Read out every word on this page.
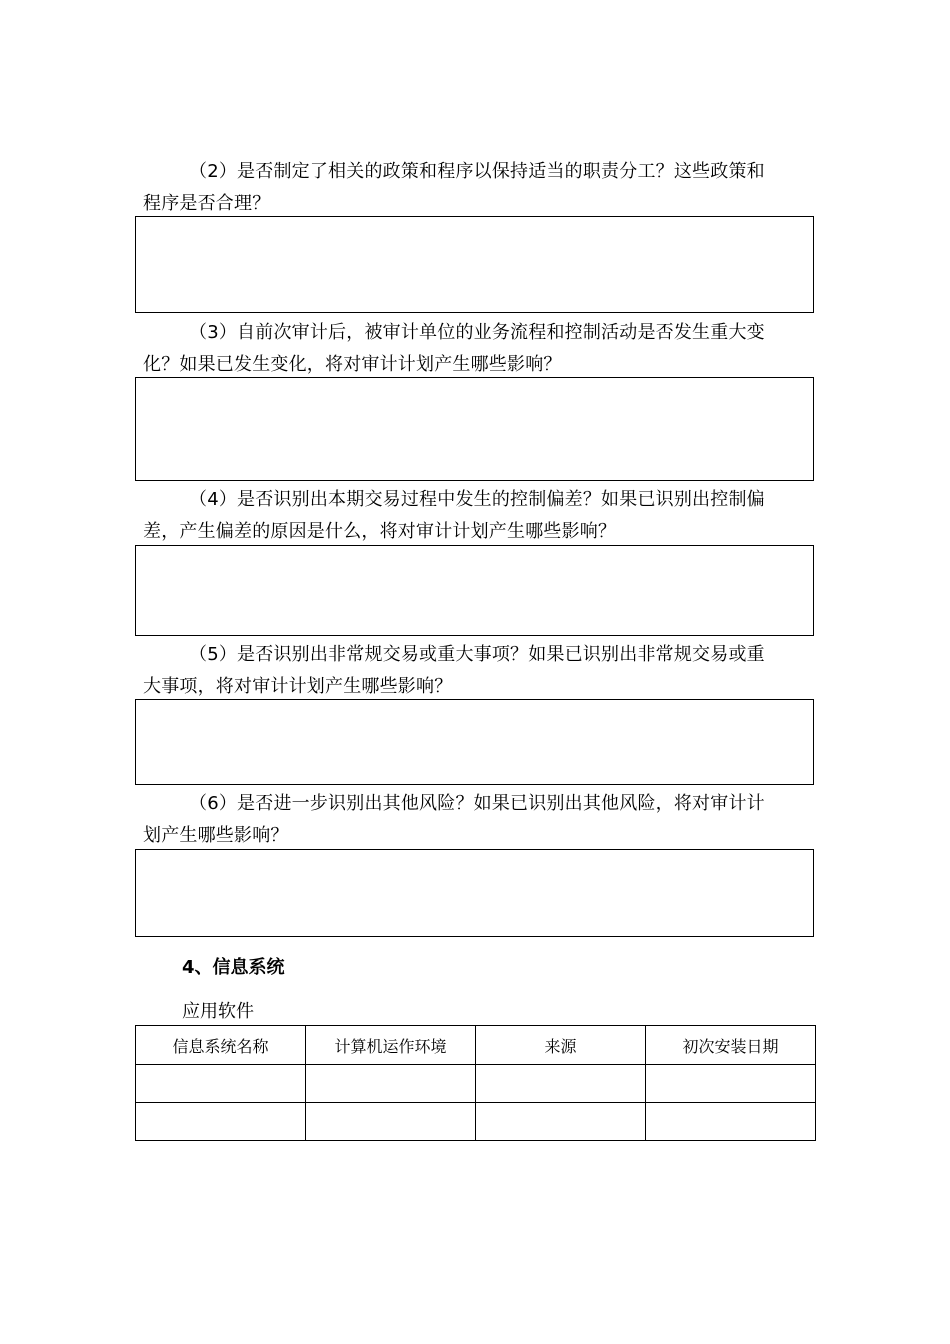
（2）是否制定了相关的政策和程序以保持适当的职责分工？这些政策和
程序是否合理？
（3）自前次审计后，被审计单位的业务流程和控制活动是否发生重大变
化？如果已发生变化，将对审计计划产生哪些影响？
（4）是否识别出本期交易过程中发生的控制偏差？如果已识别出控制偏
差，产生偏差的原因是什么，将对审计计划产生哪些影响？
（5）是否识别出非常规交易或重大事项？如果已识别出非常规交易或重
大事项，将对审计计划产生哪些影响？
（6）是否进一步识别出其他风险？如果已识别出其他风险，将对审计计
划产生哪些影响？
4、信息系统
应用软件
信息系统名称	计算机运作环境	来源	初次安装日期
